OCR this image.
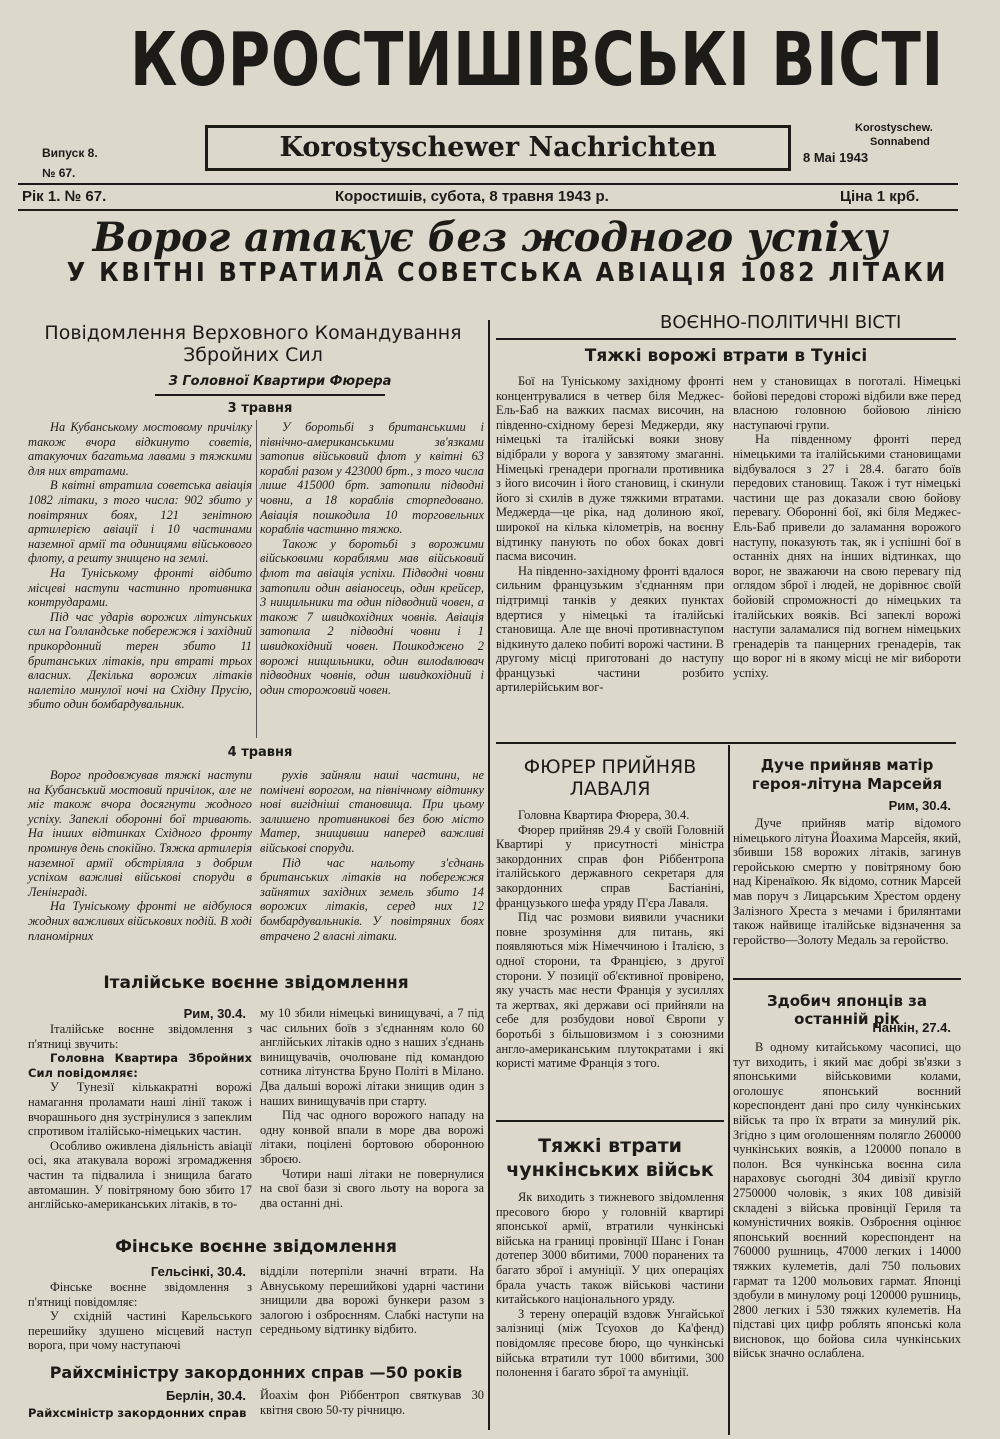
КОРОСТИШІВСЬКІ ВІСТІ
Korostyschewer Nachrichten
Випуск 8.
№ 67.
Korostyschew.
Sonnabend
8 Mai 1943
Рік 1. № 67.	Коростишів, субота, 8 травня 1943 р.	Ціна 1 крб.
Ворог атакує без жодного успіху
У КВІТНІ ВТРАТИЛА СОВЕТСЬКА АВІАЦІЯ 1082 ЛІТАКИ
Повідомлення Верховного Командування Збройних Сил
З Головної Квартири Фюрера
3 травня

На Кубанському мостовому причілку також вчора відкинуто советів, атакуючих багатьма лавами з тяжкими для них втратами.

В квітні втратила советська авіація 1082 літаки, з того числа: 902 збито у повітряних боях, 121 зенітною артилерією авіації і 10 частинами наземної армії та одиницями військового флоту, а решту знищено на землі.

На Туніському фронті відбито місцеві наступи частинно противника контрударами.

Під час ударів ворожих літунських сил на Голландське побережжя і західний прикордонний терен збито 11 британських літаків, при втраті трьох власних. Декілька ворожих літаків налетіло минулої ночі на Східну Прусію, збито один бомбардувальник.

У боротьбі з британськими і північно-американськими зв'язками затопив військовий флот у квітні 63 кораблі разом у 423000 брт., з того числа лише 415000 брт. затопили підводні човни, а 18 кораблів сторпедовано. Авіація пошкодила 10 торговельних кораблів частинно тяжко.

Також у боротьбі з ворожими військовими кораблями мав військовий флот та авіація успіхи. Підводні човни затопили один авіаносець, один крейсер, 3 нищильники та один підводний човен, а також 7 швидкохідних човнів. Авіація затопила 2 підводні човни і 1 швидкохідний човен. Пошкоджено 2 ворожі нищильники, один вилоdвлювач підводних човнів, один швидкохідний і один сторожовий човен.

4 травня

Ворог продовжував тяжкі наступи на Кубанський мостовий причілок, але не міг також вчора досягнути жодного успіху. Запеклі оборонні бої тривають. На інших відтинках Східного фронту проминув день спокійно. Тяжка артилерія наземної армії обстріляла з добрим успіхом важливі військові споруди в Ленінграді.

На Туніському фронті не відбулося жодних важливих військових подій. В ході планомірних

рухів зайняли наші частини, не помічені ворогом, на північному відтинку нові вигідніші становища. При цьому залишено противникові без бою місто Матер, знищивши наперед важливі військові споруди.

Під час нальоту з'єднань британських літаків на побережжя зайнятих західних земель збито 14 ворожих літаків, серед них 12 бомбардувальників. У повітряних боях втрачено 2 власні літаки.

Італійське воєнне звідомлення
Рим, 30.4.

Італійське воєнне звідомлення з п'ятниці звучить:

Головна Квартира Збройних Сил повідомляє:

У Тунезії кількакратні ворожі намагання проламати наші лінії також і вчорашнього дня зустрінулися з запеклим спротивом італійсько-німецьких частин.

Особливо оживлена діяльність авіації осі, яка атакувала ворожі згромадження частин та підвалила і знищила багато автомашин. У повітряному бою збито 17 англійсько-американських літаків, в то-

му 10 збили німецькі винищувачі, а 7 під час сильних боїв з з'єднанням коло 60 англійських літаків одно з наших з'єднань винищувачів, очолюване під командою сотника літунства Бруно Політі в Мілано. Два дальші ворожі літаки знищив один з наших винищувачів при старту.

Під час одного ворожого нападу на одну конвой впали в море два ворожі літаки, поцілені бортовою оборонною зброєю.

Чотири наші літаки не повернулися на свої бази зі свого льоту на ворога за два останні дні.

Фінське воєнне звідомлення
Гельсінкі, 30.4.

Фінське воєнне звідомлення з п'ятниці повідомляє:

У східній частині Карельського перешийку здушено місцевий наступ ворога, при чому наступаючі

відділи потерпіли значні втрати. На Авнуському перешийкові ударні частини знищили два ворожі бункери разом з залогою і озброєнням. Слабкі наступи на середньому відтинку відбито.

Райхсміністру закордонних справ —50 років
Берлін, 30.4.
Райхсміністр закордонних справ
Йоахім фон Ріббентроп святкував 30 квітня свою 50-ту річницю.
ВОЄННО-ПОЛІТИЧНІ ВІСТІ
Тяжкі ворожі втрати в Тунісі

Бої на Туніському західному фронті концентрувалися в четвер біля Меджес-Ель-Баб на важких пасмах височин, на південно-східному березі Меджерди, яку німецькі та італійські вояки знову відібрали у ворога у завзятому змаганні. Німецькі гренадери прогнали противника з його височин і його становищ, і скинули його зі схилів в дуже тяжкими втратами. Меджерда—це ріка, над долиною якої, широкої на кілька кілометрів, на воєнну відтинку панують по обох боках довгі пасма височин.

На південно-західному фронті вдалося сильним французьким з'єднанням при підтримці танків у деяких пунктах вдертися у німецькі та італійські становища. Але ще вночі противнаступом відкинуто далеко побиті ворожі частини. В другому місці приготовані до наступу французькі частини розбито артилерійським вог-

нем у становищах в поготалі. Німецькі бойові передові сторожі відбили вже перед власною головною бойовою лінією наступаючі групи.

На південному фронті перед німецькими та італійськими становищами відбувалося з 27 і 28.4. багато боїв передових становищ. Також і тут німецькі частини ще раз доказали свою бойову перевагу. Оборонні бої, які біля Меджес-Ель-Баб привели до заламання ворожого наступу, показують так, як і успішні бої в останніх днях на інших відтинках, що ворог, не зважаючи на свою перевагу під оглядом зброї і людей, не дорівнює своїй бойовій спроможності до німецьких та італійських вояків. Всі запеклі ворожі наступи заламалися під вогнем німецьких гренадерів та панцерних гренадерів, так що ворог ні в якому місці не міг вибороти успіху.

ФЮРЕР ПРИЙНЯВ ЛАВАЛЯ

Головна Квартира Фюрера, 30.4.

Фюрер прийняв 29.4 у своїй Головній Квартирі у присутності міністра закордонних справ фон Ріббентропа італійського державного секретаря для закордонних справ Бастіаніні, французького шефа уряду П'єра Лаваля.

Під час розмови виявили учасники повне зрозуміння для питань, які появляються між Німеччиною і Італією, з одної сторони, та Францією, з другої сторони. У позиції об'єктивної провірено, яку участь має нести Франція у зусиллях та жертвах, які держави осі прийняли на себе для розбудови нової Європи у боротьбі з більшовизмом і з союзними англо-американським плутократами і які користі матиме Франція з того.

Тяжкі втрати чункінських військ

Як виходить з тижневого звідомлення пресового бюро у головній квартирі японської армії, втратили чункінські війська на границі провінції Шанс і Гонан дотепер 3000 вбитими, 7000 поранених та багато зброї і амуніції. У цих операціях брала участь також військові частини китайського національного уряду.

З терену операцій вздовж Унгайської залізниці (між Тсуохов до Ка'фенд) повідомляє пресове бюро, що чункінські війська втратили тут 1000 вбитими, 300 полонення і багато зброї та амуніції.

Дуче прийняв матір героя-літуна Марсейя
Рим, 30.4.

Дуче прийняв матір відомого німецького літуна Йоахима Марсейя, який, збивши 158 ворожих літаків, загинув геройською смертю у повітряному бою над Кіренаїкою. Як відомо, сотник Марсей мав поруч з Лицарським Хрестом ордену Залізного Хреста з мечами і брилянтами також найвище італійське відзначення за геройство—Золоту Медаль за геройство.

Здобич японців за останній рік
Нанкін, 27.4.

В одному китайському часописі, що тут виходить, і який має добрі зв'язки з японськими військовими колами, оголошує японський воєнний кореспондент дані про силу чункінських військ та про їх втрати за минулий рік. Згідно з цим оголошенням полягло 260000 чункінських вояків, а 120000 попало в полон. Вся чункінська воєнна сила нараховує сьогодні 304 дивізії кругло 2750000 чоловік, з яких 108 дивізій складені з війська провінції Гериля та комуністичних вояків. Озброєння оцінює японський воєнний кореспондент на 760000 рушниць, 47000 легких і 14000 тяжких кулеметів, далі 750 польових гармат та 1200 мольових гармат. Японці здобули в минулому році 120000 рушниць, 2800 легких і 530 тяжких кулеметів. На підставі цих цифр роблять японські кола висновок, що бойова сила чункінських військ значно ослаблена.
